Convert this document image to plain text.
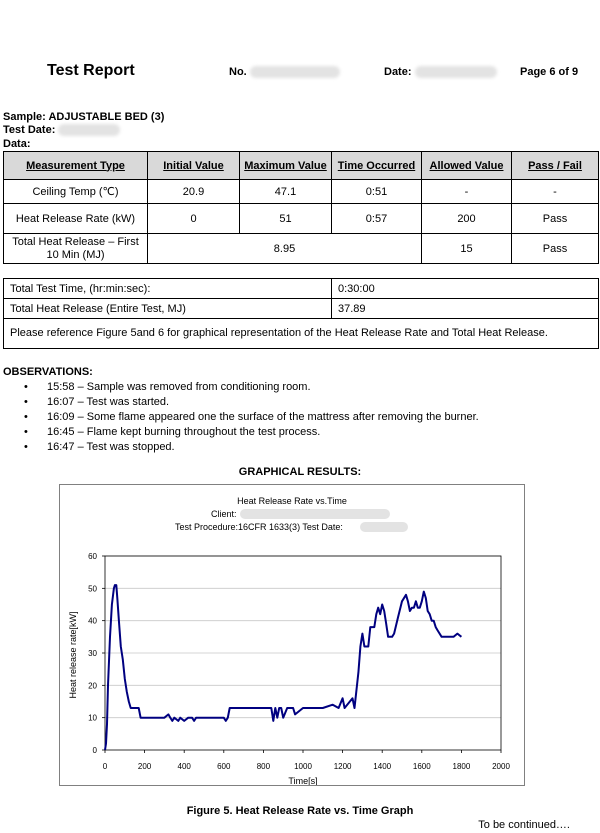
Test Report	No.	Date:	Page 6 of 9
Sample: ADJUSTABLE BED (3)
Test Date:
Data:
Measurement Type	Initial Value	Maximum Value	Time Occurred	Allowed Value	Pass / Fail
Ceiling Temp (℃)	20.9	47.1	0:51	-	-
Heat Release Rate (kW)	0	51	0:57	200	Pass
Total Heat Release – First 10 Min (MJ)	8.95			15	Pass
Total Test Time, (hr:min:sec):	0:30:00
Total Heat Release (Entire Test, MJ)	37.89
Please reference Figure 5and 6 for graphical representation of the Heat Release Rate and Total Heat Release.	
OBSERVATIONS:
• 15:58 – Sample was removed from conditioning room.
• 16:07 – Test was started.
• 16:09 – Some flame appeared one the surface of the mattress after removing the burner.
• 16:45 – Flame kept burning throughout the test process.
• 16:47 – Test was stopped.
GRAPHICAL RESULTS:
Heat Release Rate vs.Time
Client:
Test Procedure:16CFR 1633(3) Test Date:
0
10
20
30
40
50
60
0	200	400	600	800	1000	1200	1400	1600	1800	2000
Time[s]
Heat release rate[kW]
Figure 5. Heat Release Rate vs. Time Graph
To be continued….
